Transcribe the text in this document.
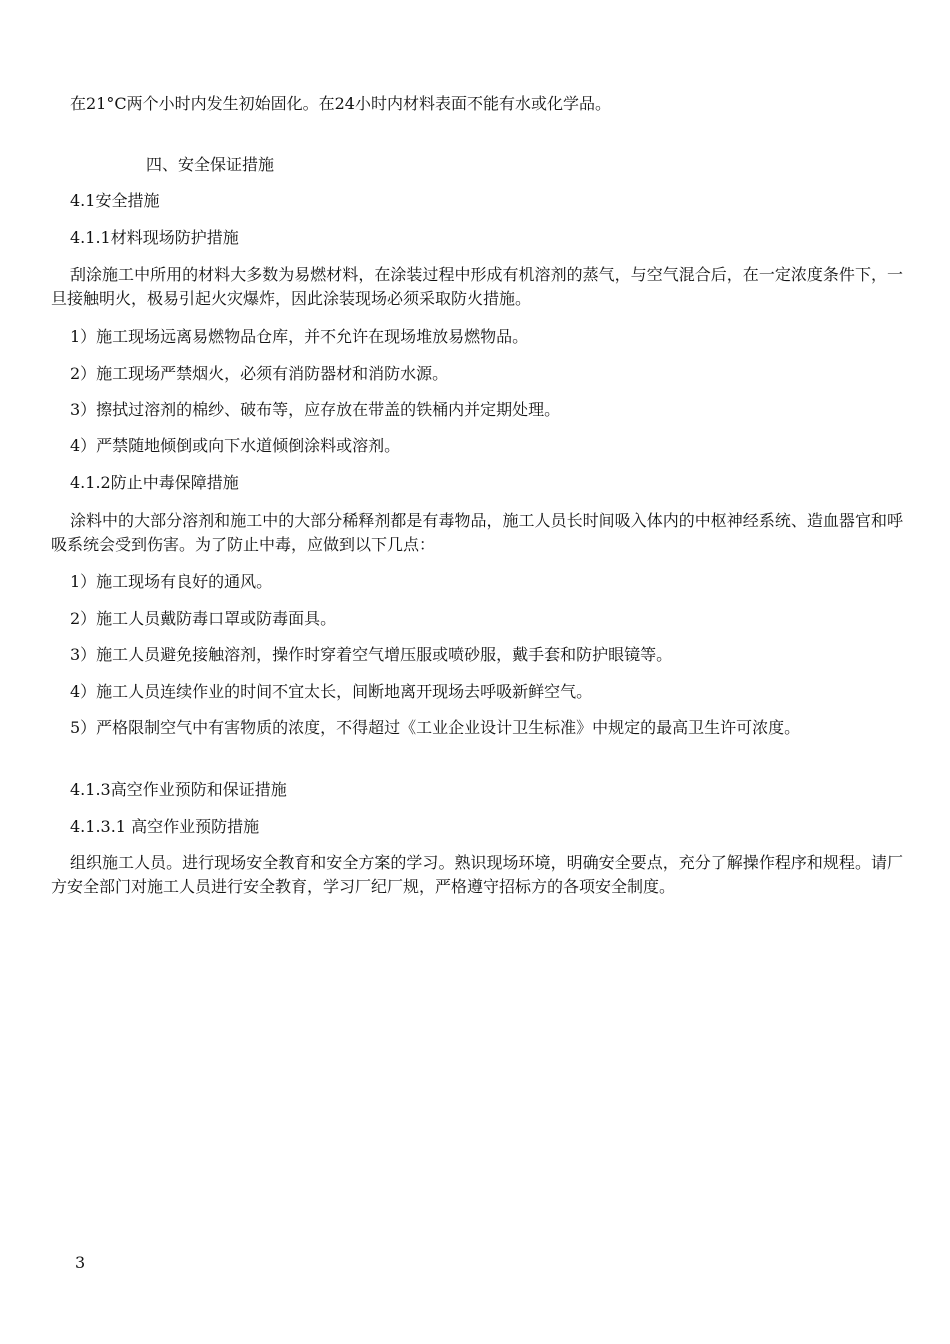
在21°C两个小时内发生初始固化。在24小时内材料表面不能有水或化学品。
四、安全保证措施
4.1安全措施
4.1.1材料现场防护措施
刮涂施工中所用的材料大多数为易燃材料，在涂装过程中形成有机溶剂的蒸气，与空气混合后，在一定浓度条件下，一旦接触明火，极易引起火灾爆炸，因此涂装现场必须采取防火措施。
1）施工现场远离易燃物品仓库，并不允许在现场堆放易燃物品。
2）施工现场严禁烟火，必须有消防器材和消防水源。
3）擦拭过溶剂的棉纱、破布等，应存放在带盖的铁桶内并定期处理。
4）严禁随地倾倒或向下水道倾倒涂料或溶剂。
4.1.2防止中毒保障措施
涂料中的大部分溶剂和施工中的大部分稀释剂都是有毒物品，施工人员长时间吸入体内的中枢神经系统、造血器官和呼吸系统会受到伤害。为了防止中毒，应做到以下几点：
1）施工现场有良好的通风。
2）施工人员戴防毒口罩或防毒面具。
3）施工人员避免接触溶剂，操作时穿着空气增压服或喷砂服，戴手套和防护眼镜等。
4）施工人员连续作业的时间不宜太长，间断地离开现场去呼吸新鲜空气。
5）严格限制空气中有害物质的浓度，不得超过《工业企业设计卫生标准》中规定的最高卫生许可浓度。
4.1.3高空作业预防和保证措施
4.1.3.1 高空作业预防措施
组织施工人员。进行现场安全教育和安全方案的学习。熟识现场环境，明确安全要点，充分了解操作程序和规程。请厂方安全部门对施工人员进行安全教育，学习厂纪厂规，严格遵守招标方的各项安全制度。
3
